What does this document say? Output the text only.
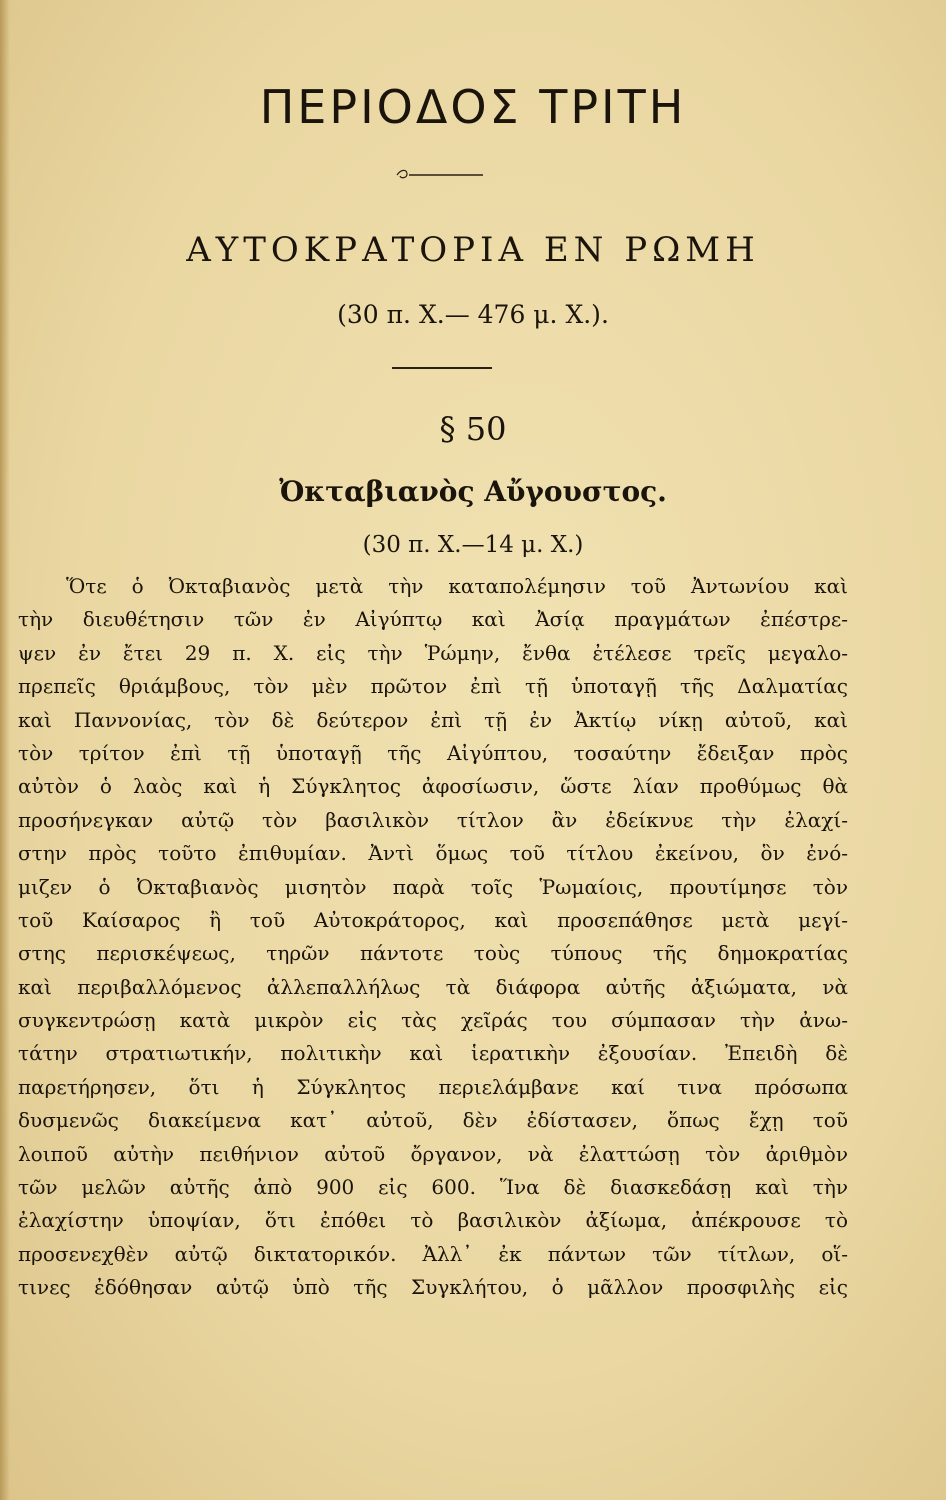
ΠΕΡΙΟΔΟΣ ΤΡΙΤΗ
ΑΥΤΟΚΡΑΤΟΡΙΑ ΕΝ ΡΩΜΗ
(30 π. Χ.— 476 μ. Χ.).
§ 50
Ὀκταβιανὸς Αὔγουστος.
(30 π. Χ.—14 μ. Χ.)
Ὅτε ὁ Ὀκταβιανὸς μετὰ τὴν καταπολέμησιν τοῦ Ἀντωνίου καὶ
τὴν διευθέτησιν τῶν ἐν Αἰγύπτῳ καὶ Ἀσίᾳ πραγμάτων ἐπέστρε-
ψεν ἐν ἔτει 29 π. Χ. εἰς τὴν Ῥώμην, ἔνθα ἐτέλεσε τρεῖς μεγαλο-
πρεπεῖς θριάμβους, τὸν μὲν πρῶτον ἐπὶ τῇ ὑποταγῇ τῆς Δαλματίας
καὶ Παννονίας, τὸν δὲ δεύτερον ἐπὶ τῇ ἐν Ἀκτίῳ νίκῃ αὐτοῦ, καὶ
τὸν τρίτον ἐπὶ τῇ ὑποταγῇ τῆς Αἰγύπτου, τοσαύτην ἔδειξαν πρὸς
αὐτὸν ὁ λαὸς καὶ ἡ Σύγκλητος ἀφοσίωσιν, ὥστε λίαν προθύμως θὰ
προσήνεγκαν αὐτῷ τὸν βασιλικὸν τίτλον ἂν ἐδείκνυε τὴν ἐλαχί-
στην πρὸς τοῦτο ἐπιθυμίαν. Ἀντὶ ὅμως τοῦ τίτλου ἐκείνου, ὃν ἐνό-
μιζεν ὁ Ὀκταβιανὸς μισητὸν παρὰ τοῖς Ῥωμαίοις, προυτίμησε τὸν
τοῦ Καίσαρος ἢ τοῦ Αὐτοκράτορος, καὶ προσεπάθησε μετὰ μεγί-
στης περισκέψεως, τηρῶν πάντοτε τοὺς τύπους τῆς δημοκρατίας
καὶ περιβαλλόμενος ἀλλεπαλλήλως τὰ διάφορα αὐτῆς ἀξιώματα, νὰ
συγκεντρώσῃ κατὰ μικρὸν εἰς τὰς χεῖράς του σύμπασαν τὴν ἀνω-
τάτην στρατιωτικήν, πολιτικὴν καὶ ἱερατικὴν ἐξουσίαν. Ἐπειδὴ δὲ
παρετήρησεν, ὅτι ἡ Σύγκλητος περιελάμβανε καί τινα πρόσωπα
δυσμενῶς διακείμενα κατ᾽ αὐτοῦ, δὲν ἐδίστασεν, ὅπως ἔχῃ τοῦ
λοιποῦ αὐτὴν πειθήνιον αὐτοῦ ὄργανον, νὰ ἐλαττώσῃ τὸν ἀριθμὸν
τῶν μελῶν αὐτῆς ἀπὸ 900 εἰς 600. Ἵνα δὲ διασκεδάσῃ καὶ τὴν
ἐλαχίστην ὑποψίαν, ὅτι ἐπόθει τὸ βασιλικὸν ἀξίωμα, ἀπέκρουσε τὸ
προσενεχθὲν αὐτῷ δικτατορικόν. Ἀλλ᾽ ἐκ πάντων τῶν τίτλων, οἵ-
τινες ἐδόθησαν αὐτῷ ὑπὸ τῆς Συγκλήτου, ὁ μᾶλλον προσφιλὴς εἰς
